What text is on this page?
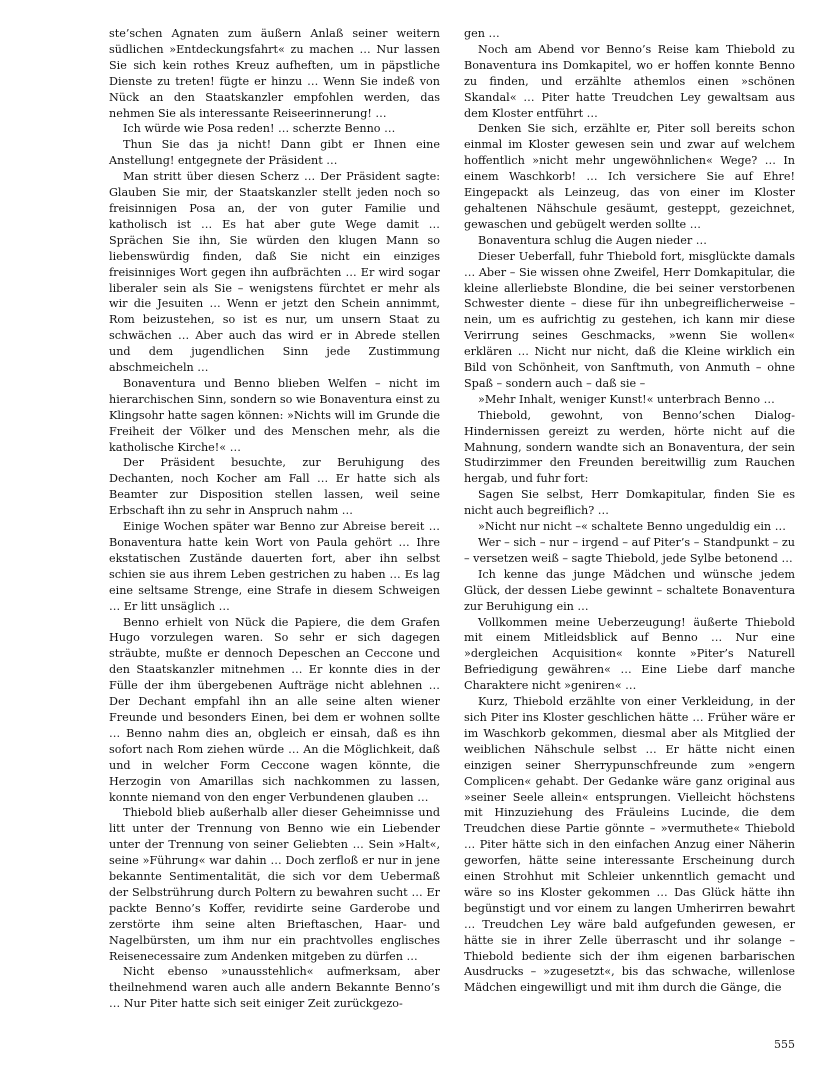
ste’schen Agnaten zum äußern Anlaß seiner weitern südlichen »Entdeckungsfahrt« zu machen … Nur lassen Sie sich kein rothes Kreuz aufheften, um in päpstliche Dienste zu treten! fügte er hinzu … Wenn Sie indeß von Nück an den Staatskanzler empfohlen werden, das nehmen Sie als interessante Reiseerinnerung! …

Ich würde wie Posa reden! … scherzte Benno …

Thun Sie das ja nicht! Dann gibt er Ihnen eine Anstellung! entgegnete der Präsident …

Man stritt über diesen Scherz … Der Präsident sagte: Glauben Sie mir, der Staatskanzler stellt jeden noch so freisinnigen Posa an, der von guter Familie und katholisch ist … Es hat aber gute Wege damit … Sprächen Sie ihn, Sie würden den klugen Mann so liebenswürdig finden, daß Sie nicht ein einziges freisinniges Wort gegen ihn aufbrächten … Er wird sogar liberaler sein als Sie – wenigstens fürchtet er mehr als wir die Jesuiten … Wenn er jetzt den Schein annimmt, Rom beizustehen, so ist es nur, um unsern Staat zu schwächen … Aber auch das wird er in Abrede stellen und dem jugendlichen Sinn jede Zustimmung abschmeicheln …

Bonaventura und Benno blieben Welfen – nicht im hierarchischen Sinn, sondern so wie Bonaventura einst zu Klingsohr hatte sagen können: »Nichts will im Grunde die Freiheit der Völker und des Menschen mehr, als die katholische Kirche!« …

Der Präsident besuchte, zur Beruhigung des Dechanten, noch Kocher am Fall … Er hatte sich als Beamter zur Disposition stellen lassen, weil seine Erbschaft ihn zu sehr in Anspruch nahm …

Einige Wochen später war Benno zur Abreise bereit … Bonaventura hatte kein Wort von Paula gehört … Ihre ekstatischen Zustände dauerten fort, aber ihn selbst schien sie aus ihrem Leben gestrichen zu haben … Es lag eine seltsame Strenge, eine Strafe in diesem Schweigen … Er litt unsäglich …

Benno erhielt von Nück die Papiere, die dem Grafen Hugo vorzulegen waren. So sehr er sich dagegen sträubte, mußte er dennoch Depeschen an Ceccone und den Staatskanzler mitnehmen … Er konnte dies in der Fülle der ihm übergebenen Aufträge nicht ablehnen … Der Dechant empfahl ihn an alle seine alten wiener Freunde und besonders Einen, bei dem er wohnen sollte … Benno nahm dies an, obgleich er einsah, daß es ihn sofort nach Rom ziehen würde … An die Möglichkeit, daß und in welcher Form Ceccone wagen könnte, die Herzogin von Amarillas sich nachkommen zu lassen, konnte niemand von den enger Verbundenen glauben …

Thiebold blieb außerhalb aller dieser Geheimnisse und litt unter der Trennung von Benno wie ein Liebender unter der Trennung von seiner Geliebten … Sein »Halt«, seine »Führung« war dahin … Doch zerfloß er nur in jene bekannte Sentimentalität, die sich vor dem Uebermaß der Selbstrührung durch Poltern zu bewahren sucht … Er packte Benno’s Koffer, revidirte seine Garderobe und zerstörte ihm seine alten Brieftaschen, Haar- und Nagelbürsten, um ihm nur ein prachtvolles englisches Reisenecessaire zum Andenken mitgeben zu dürfen …

Nicht ebenso »unausstehlich« aufmerksam, aber theilnehmend waren auch alle andern Bekannte Benno’s … Nur Piter hatte sich seit einiger Zeit zurückgezo-

gen …

Noch am Abend vor Benno’s Reise kam Thiebold zu Bonaventura ins Domkapitel, wo er hoffen konnte Benno zu finden, und erzählte athemlos einen »schönen Skandal« … Piter hatte Treudchen Ley gewaltsam aus dem Kloster entführt …

Denken Sie sich, erzählte er, Piter soll bereits schon einmal im Kloster gewesen sein und zwar auf welchem hoffentlich »nicht mehr ungewöhnlichen« Wege? … In einem Waschkorb! … Ich versichere Sie auf Ehre! Eingepackt als Leinzeug, das von einer im Kloster gehaltenen Nähschule gesäumt, gesteppt, gezeichnet, gewaschen und gebügelt werden sollte …

Bonaventura schlug die Augen nieder …

Dieser Ueberfall, fuhr Thiebold fort, misglückte damals … Aber – Sie wissen ohne Zweifel, Herr Domkapitular, die kleine allerliebste Blondine, die bei seiner verstorbenen Schwester diente – diese für ihn unbegreiflicherweise – nein, um es aufrichtig zu gestehen, ich kann mir diese Verirrung seines Geschmacks, »wenn Sie wollen« erklären … Nicht nur nicht, daß die Kleine wirklich ein Bild von Schönheit, von Sanftmuth, von Anmuth – ohne Spaß – sondern auch – daß sie –

»Mehr Inhalt, weniger Kunst!« unterbrach Benno …

Thiebold, gewohnt, von Benno’schen Dialog-Hindernissen gereizt zu werden, hörte nicht auf die Mahnung, sondern wandte sich an Bonaventura, der sein Studirzimmer den Freunden bereitwillig zum Rauchen hergab, und fuhr fort:

Sagen Sie selbst, Herr Domkapitular, finden Sie es nicht auch begreiflich? …

»Nicht nur nicht –« schaltete Benno ungeduldig ein …

Wer – sich – nur – irgend – auf Piter’s – Standpunkt – zu – versetzen weiß – sagte Thiebold, jede Sylbe betonend …

Ich kenne das junge Mädchen und wünsche jedem Glück, der dessen Liebe gewinnt – schaltete Bonaventura zur Beruhigung ein …

Vollkommen meine Ueberzeugung! äußerte Thiebold mit einem Mitleidsblick auf Benno … Nur eine »dergleichen Acquisition« konnte »Piter’s Naturell Befriedigung gewähren« … Eine Liebe darf manche Charaktere nicht »geniren« …

Kurz, Thiebold erzählte von einer Verkleidung, in der sich Piter ins Kloster geschlichen hätte … Früher wäre er im Waschkorb gekommen, diesmal aber als Mitglied der weiblichen Nähschule selbst … Er hätte nicht einen einzigen seiner Sherrypunschfreunde zum »engern Complicen« gehabt. Der Gedanke wäre ganz original aus »seiner Seele allein« entsprungen. Vielleicht höchstens mit Hinzuziehung des Fräuleins Lucinde, die dem Treudchen diese Partie gönnte – »vermuthete« Thiebold … Piter hätte sich in den einfachen Anzug einer Näherin geworfen, hätte seine interessante Erscheinung durch einen Strohhut mit Schleier unkenntlich gemacht und wäre so ins Kloster gekommen … Das Glück hätte ihn begünstigt und vor einem zu langen Umherirren bewahrt … Treudchen Ley wäre bald aufgefunden gewesen, er hätte sie in ihrer Zelle überrascht und ihr solange – Thiebold bediente sich der ihm eigenen barbarischen Ausdrucks – »zugesetzt«, bis das schwache, willenlose Mädchen eingewilligt und mit ihm durch die Gänge, die

555
